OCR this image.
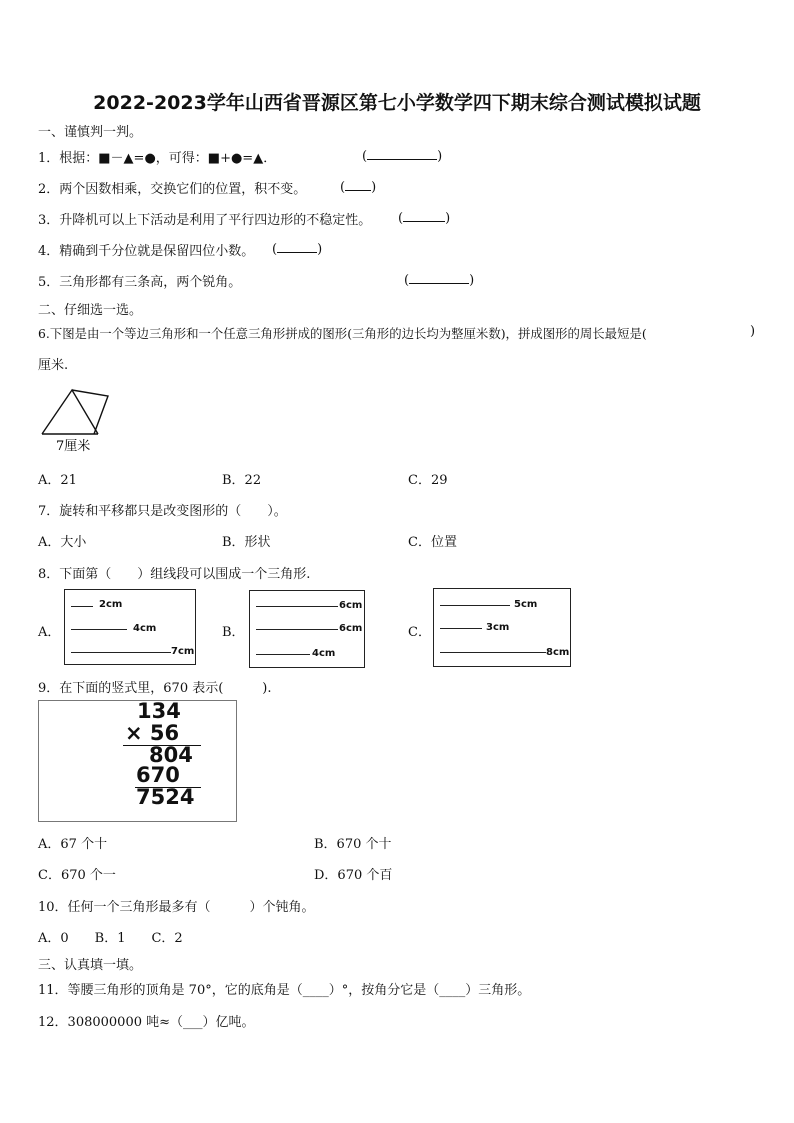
2022-2023学年山西省晋源区第七小学数学四下期末综合测试模拟试题
一、谨慎判一判。
1．根据：■－▲=●，可得：■+●=▲．	(	)
2．两个因数相乘，交换它们的位置，积不变。	( )
3．升降机可以上下活动是利用了平行四边形的不稳定性。 (	)
4．精确到千分位就是保留四位小数。 (	)
5．三角形都有三条高，两个锐角。	(	)
二、仔细选一选。
6.下图是由一个等边三角形和一个任意三角形拼成的图形(三角形的边长均为整厘米数)，拼成图形的周长最短是(	)
厘米.
7厘米
A．21	B．22	C．29
7．旋转和平移都只是改变图形的（　　）。
A．大小	B．形状	C．位置
8．下面第（　　）组线段可以围成一个三角形.
A．
2cm
4cm
7cm
B．
6cm
6cm
4cm
C．
5cm
3cm
8cm
9．在下面的竖式里，670 表示(　　　).
134
× 56
804
670
7524
A．67 个十	B．670 个十
C．670 个一	D．670 个百
10．任何一个三角形最多有（　　　）个钝角。
A．0　　B．1　　C．2
三、认真填一填。
11．等腰三角形的顶角是 70°，它的底角是（____）°，按角分它是（____）三角形。
12．308000000 吨≈（___）亿吨。
